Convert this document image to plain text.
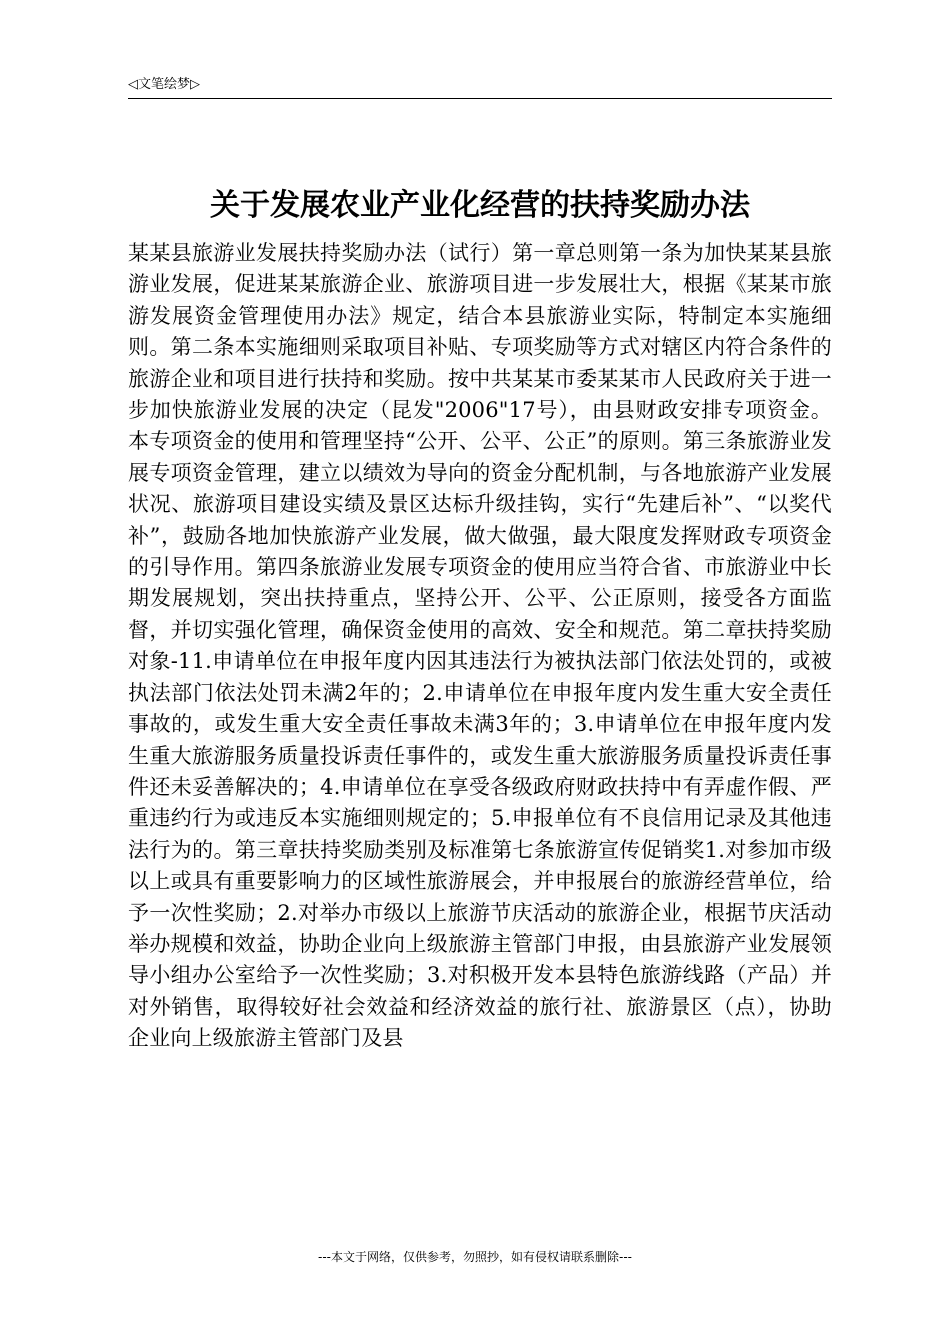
◁文笔绘梦▷
关于发展农业产业化经营的扶持奖励办法
某某县旅游业发展扶持奖励办法（试行）第一章总则第一条为加快某某县旅游业发展，促进某某旅游企业、旅游项目进一步发展壮大，根据《某某市旅游发展资金管理使用办法》规定，结合本县旅游业实际，特制定本实施细则。第二条本实施细则采取项目补贴、专项奖励等方式对辖区内符合条件的旅游企业和项目进行扶持和奖励。按中共某某市委某某市人民政府关于进一步加快旅游业发展的决定（昆发"2006"17号），由县财政安排专项资金。本专项资金的使用和管理坚持“公开、公平、公正”的原则。第三条旅游业发展专项资金管理，建立以绩效为导向的资金分配机制，与各地旅游产业发展状况、旅游项目建设实绩及景区达标升级挂钩，实行“先建后补”、“以奖代补”，鼓励各地加快旅游产业发展，做大做强，最大限度发挥财政专项资金的引导作用。第四条旅游业发展专项资金的使用应当符合省、市旅游业中长期发展规划，突出扶持重点，坚持公开、公平、公正原则，接受各方面监督，并切实强化管理，确保资金使用的高效、安全和规范。第二章扶持奖励对象-11.申请单位在申报年度内因其违法行为被执法部门依法处罚的，或被执法部门依法处罚未满2年的；2.申请单位在申报年度内发生重大安全责任事故的，或发生重大安全责任事故未满3年的；3.申请单位在申报年度内发生重大旅游服务质量投诉责任事件的，或发生重大旅游服务质量投诉责任事件还未妥善解决的；4.申请单位在享受各级政府财政扶持中有弄虚作假、严重违约行为或违反本实施细则规定的；5.申报单位有不良信用记录及其他违法行为的。第三章扶持奖励类别及标准第七条旅游宣传促销奖1.对参加市级以上或具有重要影响力的区域性旅游展会，并申报展台的旅游经营单位，给予一次性奖励；2.对举办市级以上旅游节庆活动的旅游企业，根据节庆活动举办规模和效益，协助企业向上级旅游主管部门申报，由县旅游产业发展领导小组办公室给予一次性奖励；3.对积极开发本县特色旅游线路（产品）并对外销售，取得较好社会效益和经济效益的旅行社、旅游景区（点），协助企业向上级旅游主管部门及县
---本文于网络，仅供参考，勿照抄，如有侵权请联系删除---
